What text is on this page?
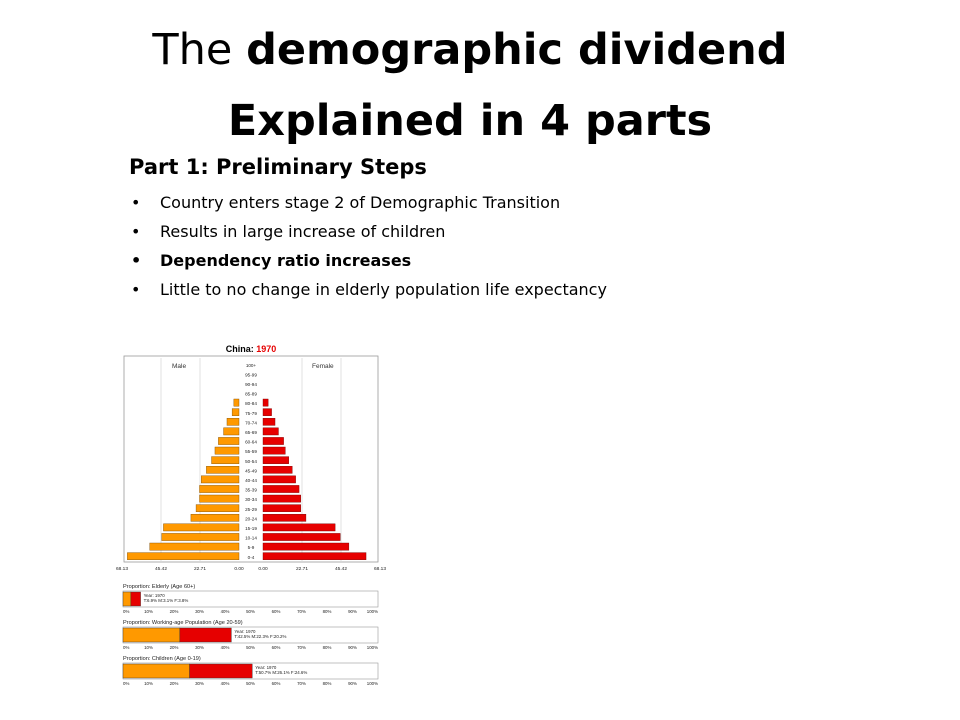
The demographic dividend
Explained in 4 parts
Part 1: Preliminary Steps
• Country enters stage 2 of Demographic Transition
• Results in large increase of children
• Dependency ratio increases
• Little to no change in elderly population life expectancy
China: 1970
Male	Female
0-4
5-9
10-14
15-19
20-24
25-29
30-34
35-39
40-44
45-49
50-54
55-59
60-64
65-69
70-74
75-79
80-84
85-89
90-94
95-99
100+
68.13	45.42	22.71	0.00	0.00	22.71	45.42	68.13
Proportion: Elderly (Age 60+)
Year: 1970
T:6.9% M:3.1% F:3.8%
0%	10%	20%	30%	40%	50%	60%	70%	80%	90% 100%
Proportion: Working-age Population (Age 20-59)
Year: 1970
T:42.5% M:22.3% F:20.2%
0%	10%	20%	30%	40%	50%	60%	70%	80%	90% 100%
Proportion: Children (Age 0-19)
Year: 1970
T:50.7% M:26.1% F:24.6%
0%	10%	20%	30%	40%	50%	60%	70%	80%	90% 100%
